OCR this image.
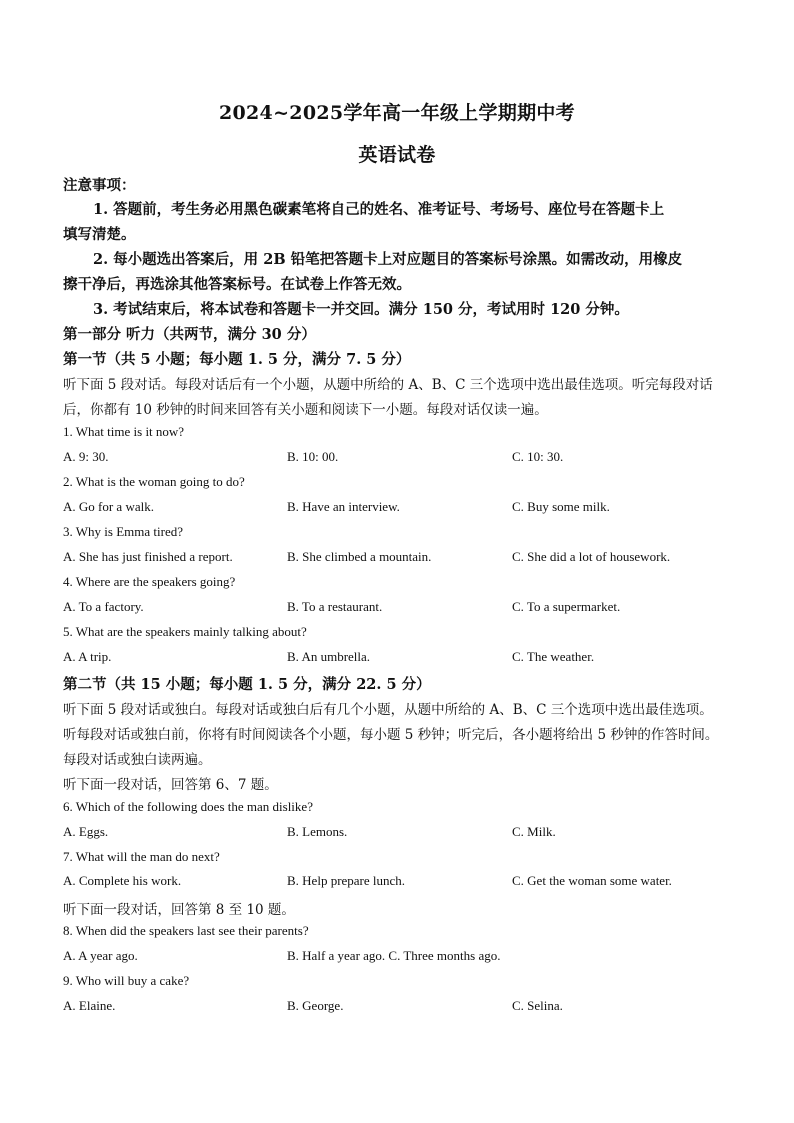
2024~2025学年高一年级上学期期中考
英语试卷
注意事项：
1. 答题前，考生务必用黑色碳素笔将自己的姓名、准考证号、考场号、座位号在答题卡上
填写清楚。
2. 每小题选出答案后，用 2B 铅笔把答题卡上对应题目的答案标号涂黑。如需改动，用橡皮
擦干净后，再选涂其他答案标号。在试卷上作答无效。
3. 考试结束后，将本试卷和答题卡一并交回。满分 150 分，考试用时 120 分钟。
第一部分 听力（共两节，满分 30 分）
第一节（共 5 小题；每小题 1. 5 分，满分 7. 5 分）
听下面 5 段对话。每段对话后有一个小题，从题中所给的 A、B、C 三个选项中选出最佳选项。听完每段对话
后，你都有 10 秒钟的时间来回答有关小题和阅读下一小题。每段对话仅读一遍。
1. What time is it now?
A. 9: 30.	B. 10: 00.	C. 10: 30.
2. What is the woman going to do?
A. Go for a walk.	B. Have an interview.	C. Buy some milk.
3. Why is Emma tired?
A. She has just finished a report.	B. She climbed a mountain.	C. She did a lot of housework.
4. Where are the speakers going?
A. To a factory.	B. To a restaurant.	C. To a supermarket.
5. What are the speakers mainly talking about?
A. A trip.	B. An umbrella.	C. The weather.
第二节（共 15 小题；每小题 1. 5 分，满分 22. 5 分）
听下面 5 段对话或独白。每段对话或独白后有几个小题，从题中所给的 A、B、C 三个选项中选出最佳选项。
听每段对话或独白前，你将有时间阅读各个小题，每小题 5 秒钟；听完后，各小题将给出 5 秒钟的作答时间。
每段对话或独白读两遍。
听下面一段对话，回答第 6、7 题。
6. Which of the following does the man dislike?
A. Eggs.	B. Lemons.	C. Milk.
7. What will the man do next?
A. Complete his work.	B. Help prepare lunch.	C. Get the woman some water.
听下面一段对话，回答第 8 至 10 题。
8. When did the speakers last see their parents?
A. A year ago.	B. Half a year ago. C. Three months ago.
9. Who will buy a cake?
A. Elaine.	B. George.	C. Selina.
